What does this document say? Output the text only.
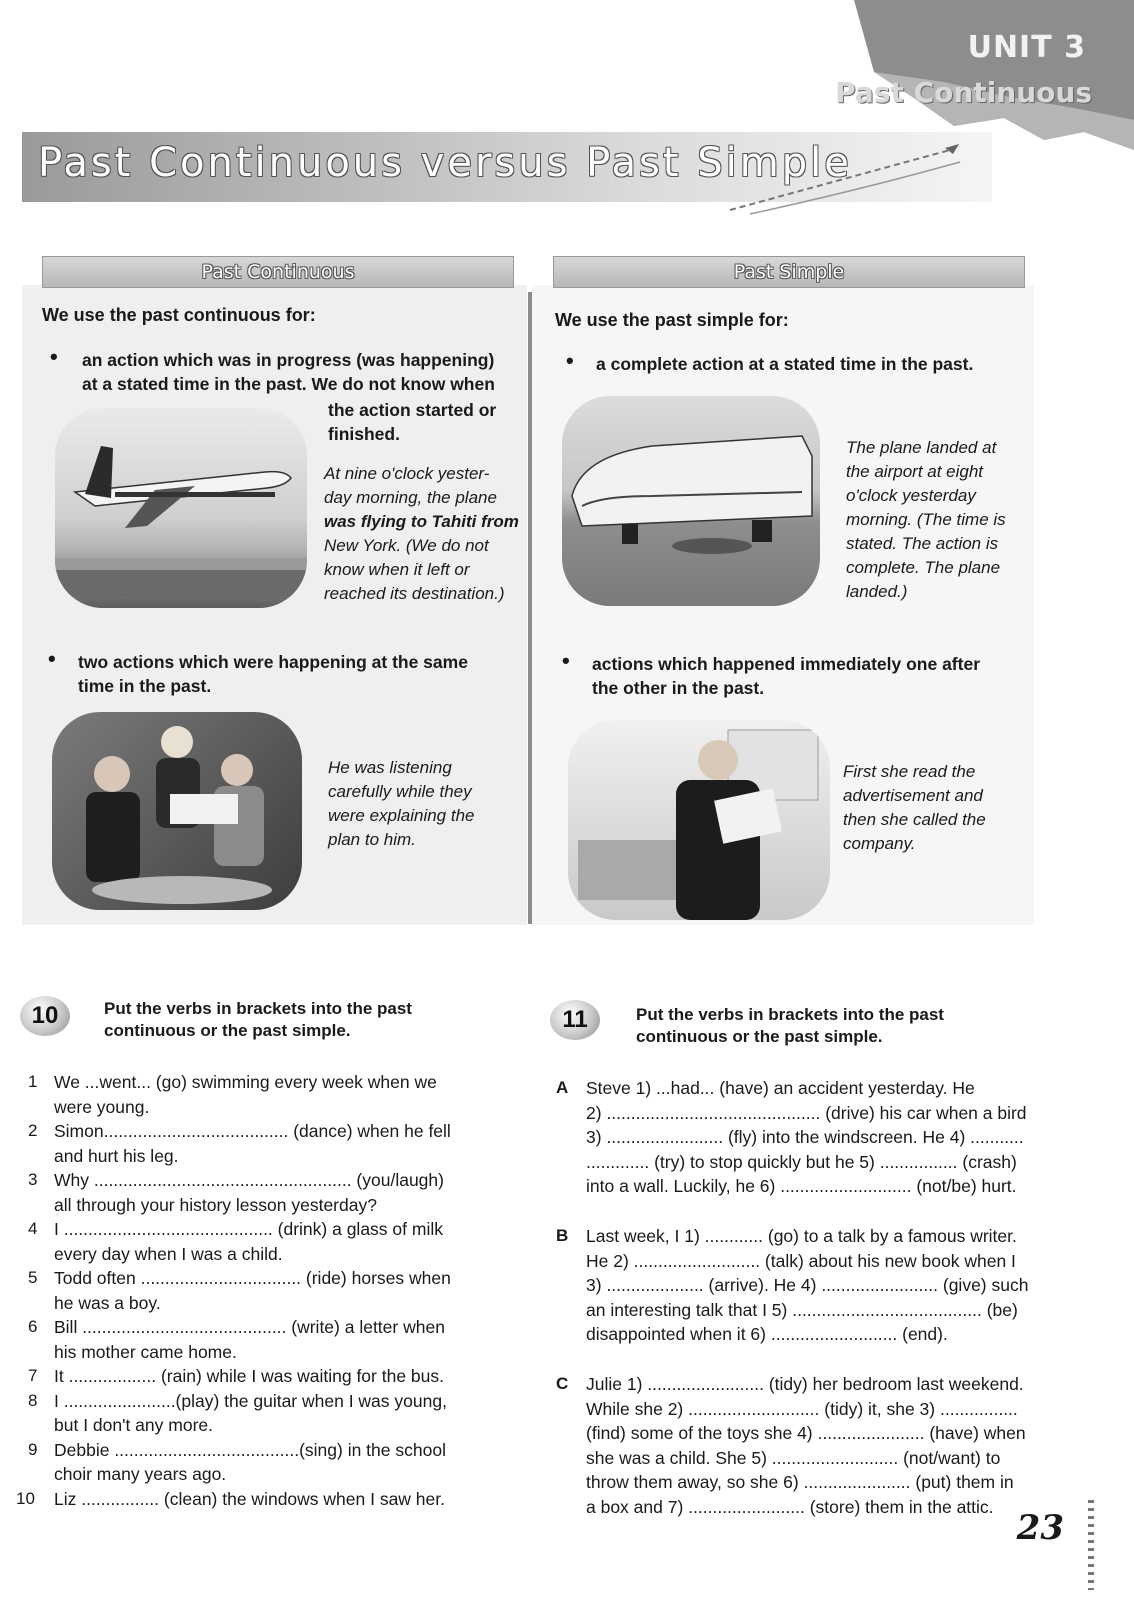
UNIT 3
Past Continuous
Past Continuous versus Past Simple
Past Continuous	Past Simple
We use the past continuous for:
• an action which was in progress (was happening)
at a stated time in the past. We do not know when
the action started or
finished.
At nine o'clock yester-
day morning, the plane
was flying to Tahiti from
New York. (We do not
know when it left or
reached its destination.)
• two actions which were happening at the same
time in the past.
He was listening
carefully while they
were explaining the
plan to him.
We use the past simple for:
• a complete action at a stated time in the past.
The plane landed at
the airport at eight
o'clock yesterday
morning. (The time is
stated. The action is
complete. The plane
landed.)
• actions which happened immediately one after
the other in the past.
First she read the
advertisement and
then she called the
company.
10	Put the verbs in brackets into the past
continuous or the past simple.
1 We ...went... (go) swimming every week when we
were young.
2 Simon...................................... (dance) when he fell
and hurt his leg.
3 Why ..................................................... (you/laugh)
all through your history lesson yesterday?
4 I ........................................... (drink) a glass of milk
every day when I was a child.
5 Todd often ................................. (ride) horses when
he was a boy.
6 Bill .......................................... (write) a letter when
his mother came home.
7 It .................. (rain) while I was waiting for the bus.
8 I .......................(play) the guitar when I was young,
but I don't any more.
9 Debbie ......................................(sing) in the school
choir many years ago.
10 Liz ................ (clean) the windows when I saw her.
11	Put the verbs in brackets into the past
continuous or the past simple.
A Steve 1) ...had... (have) an accident yesterday. He
2) ............................................ (drive) his car when a bird
3) ........................ (fly) into the windscreen. He 4) ...........
............. (try) to stop quickly but he 5) ................ (crash)
into a wall. Luckily, he 6) ........................... (not/be) hurt.
B Last week, I 1) ............ (go) to a talk by a famous writer.
He 2) .......................... (talk) about his new book when I
3) .................... (arrive). He 4) ........................ (give) such
an interesting talk that I 5) ....................................... (be)
disappointed when it 6) .......................... (end).
C Julie 1) ........................ (tidy) her bedroom last weekend.
While she 2) ........................... (tidy) it, she 3) ................
(find) some of the toys she 4) ...................... (have) when
she was a child. She 5) .......................... (not/want) to
throw them away, so she 6) ...................... (put) them in
a box and 7) ........................ (store) them in the attic.
23
